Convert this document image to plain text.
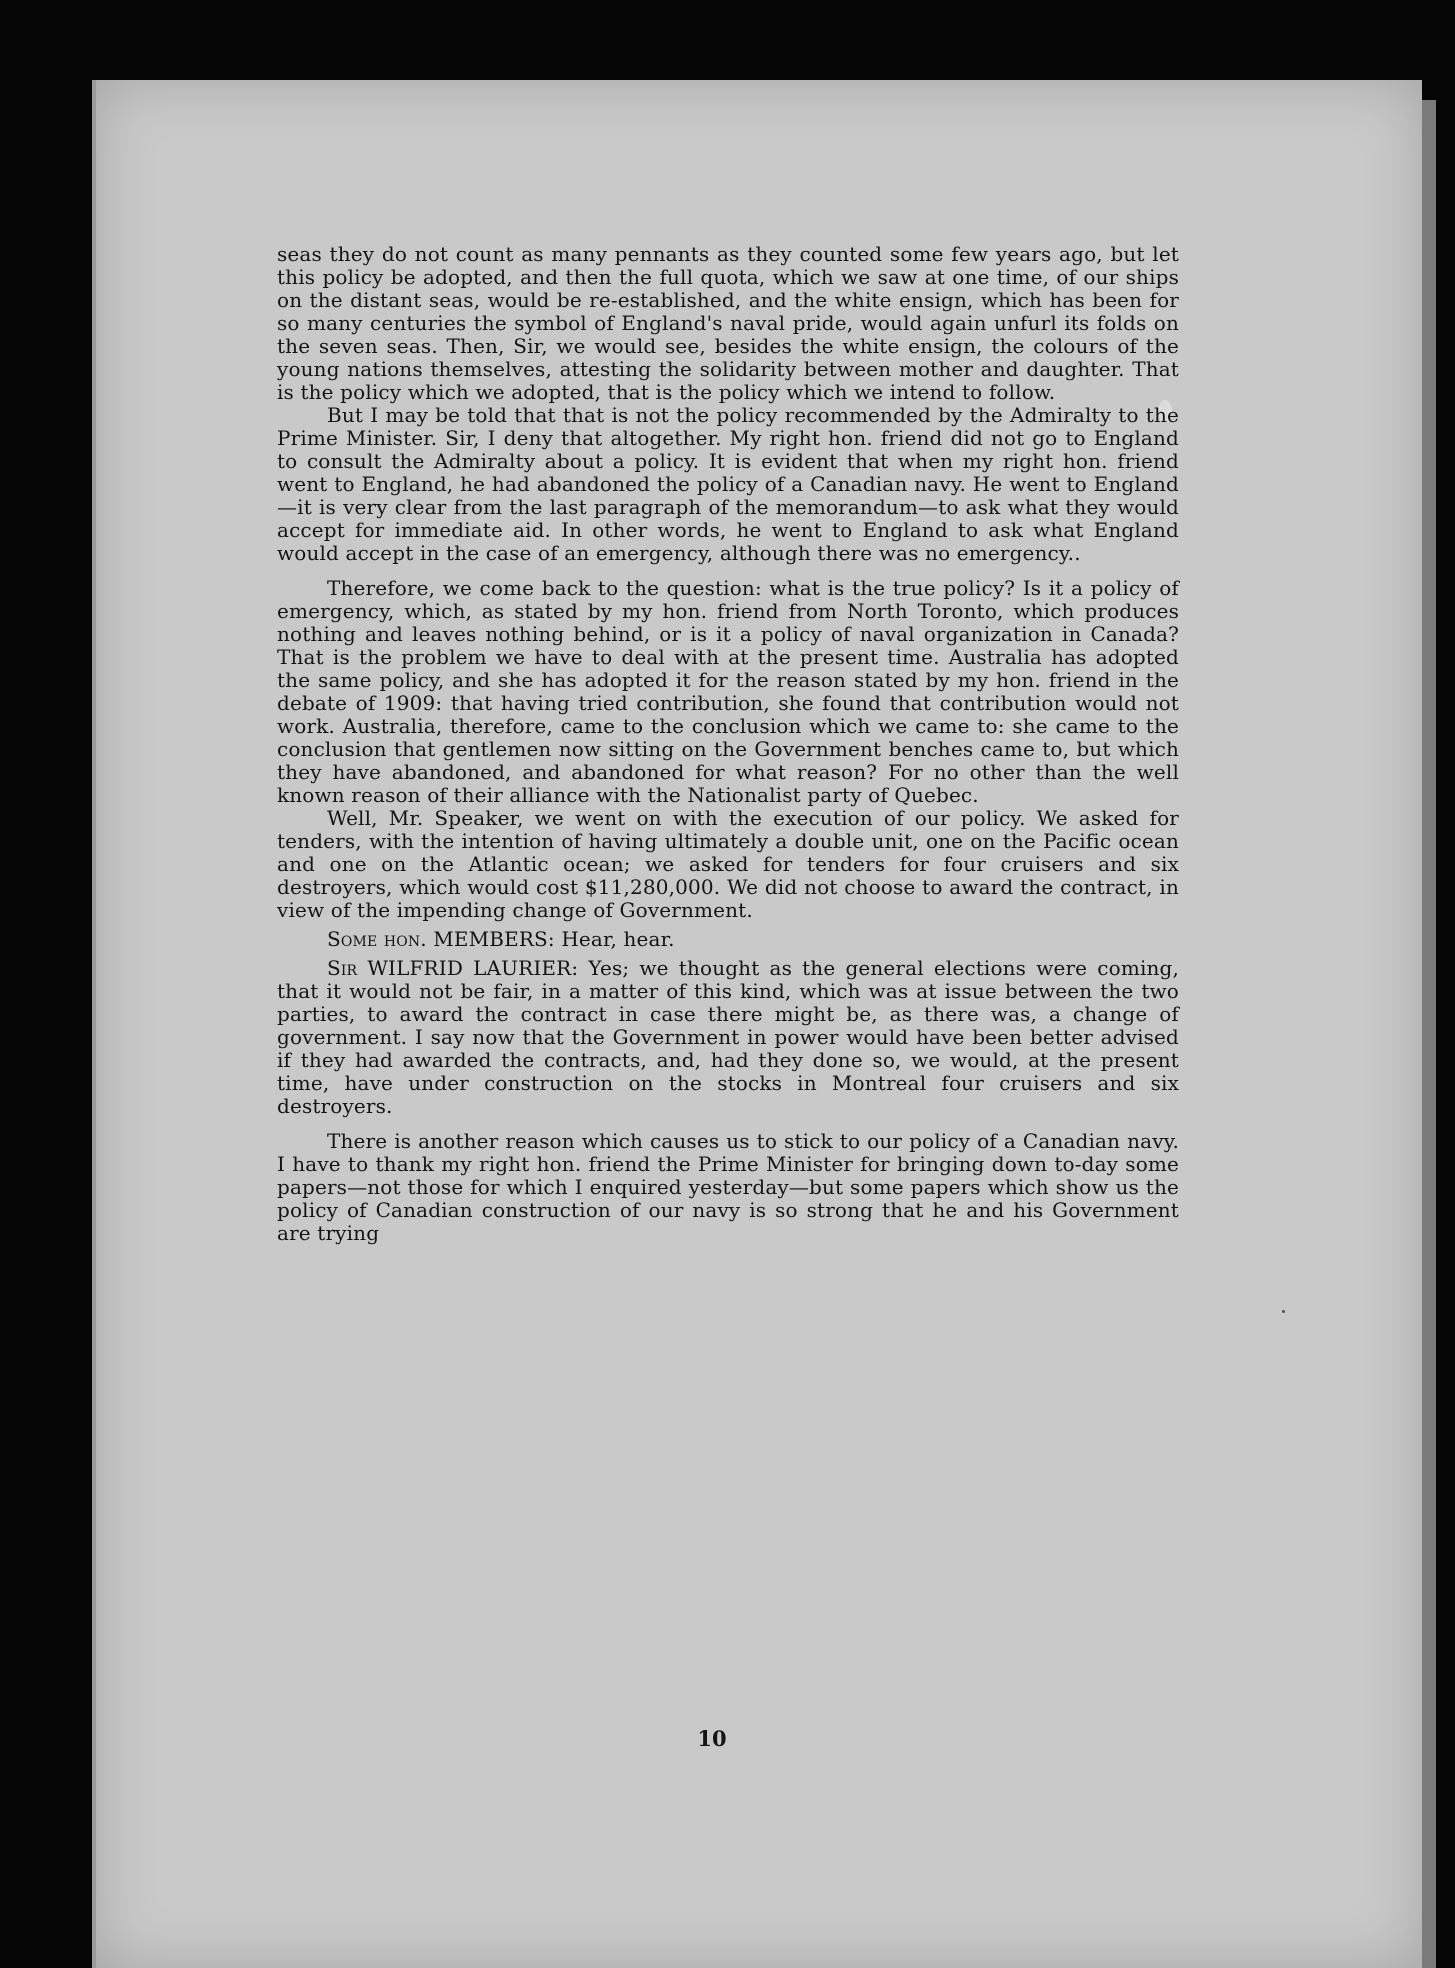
seas they do not count as many pennants as they counted some few years ago, but let this policy be adopted, and then the full quota, which we saw at one time, of our ships on the distant seas, would be re-established, and the white ensign, which has been for so many centuries the symbol of England's naval pride, would again unfurl its folds on the seven seas. Then, Sir, we would see, besides the white ensign, the colours of the young nations themselves, attesting the solidarity between mother and daughter. That is the policy which we adopted, that is the policy which we intend to follow.

But I may be told that that is not the policy recommended by the Admiralty to the Prime Minister. Sir, I deny that altogether. My right hon. friend did not go to England to consult the Admiralty about a policy. It is evident that when my right hon. friend went to England, he had abandoned the policy of a Canadian navy. He went to England—it is very clear from the last paragraph of the memorandum—to ask what they would accept for immediate aid. In other words, he went to England to ask what England would accept in the case of an emergency, although there was no emergency..

Therefore, we come back to the question: what is the true policy? Is it a policy of emergency, which, as stated by my hon. friend from North Toronto, which produces nothing and leaves nothing behind, or is it a policy of naval organization in Canada? That is the problem we have to deal with at the present time. Australia has adopted the same policy, and she has adopted it for the reason stated by my hon. friend in the debate of 1909: that having tried contribution, she found that contribution would not work. Australia, therefore, came to the conclusion which we came to: she came to the conclusion that gentlemen now sitting on the Government benches came to, but which they have abandoned, and abandoned for what reason? For no other than the well known reason of their alliance with the Nationalist party of Quebec.

Well, Mr. Speaker, we went on with the execution of our policy. We asked for tenders, with the intention of having ultimately a double unit, one on the Pacific ocean and one on the Atlantic ocean; we asked for tenders for four cruisers and six destroyers, which would cost $11,280,000. We did not choose to award the contract, in view of the impending change of Government.

Some hon. MEMBERS: Hear, hear.

Sir WILFRID LAURIER: Yes; we thought as the general elections were coming, that it would not be fair, in a matter of this kind, which was at issue between the two parties, to award the contract in case there might be, as there was, a change of government. I say now that the Government in power would have been better advised if they had awarded the contracts, and, had they done so, we would, at the present time, have under construction on the stocks in Montreal four cruisers and six destroyers.

There is another reason which causes us to stick to our policy of a Canadian navy. I have to thank my right hon. friend the Prime Minister for bringing down to-day some papers—not those for which I enquired yesterday—but some papers which show us the policy of Canadian construction of our navy is so strong that he and his Government are trying

10
